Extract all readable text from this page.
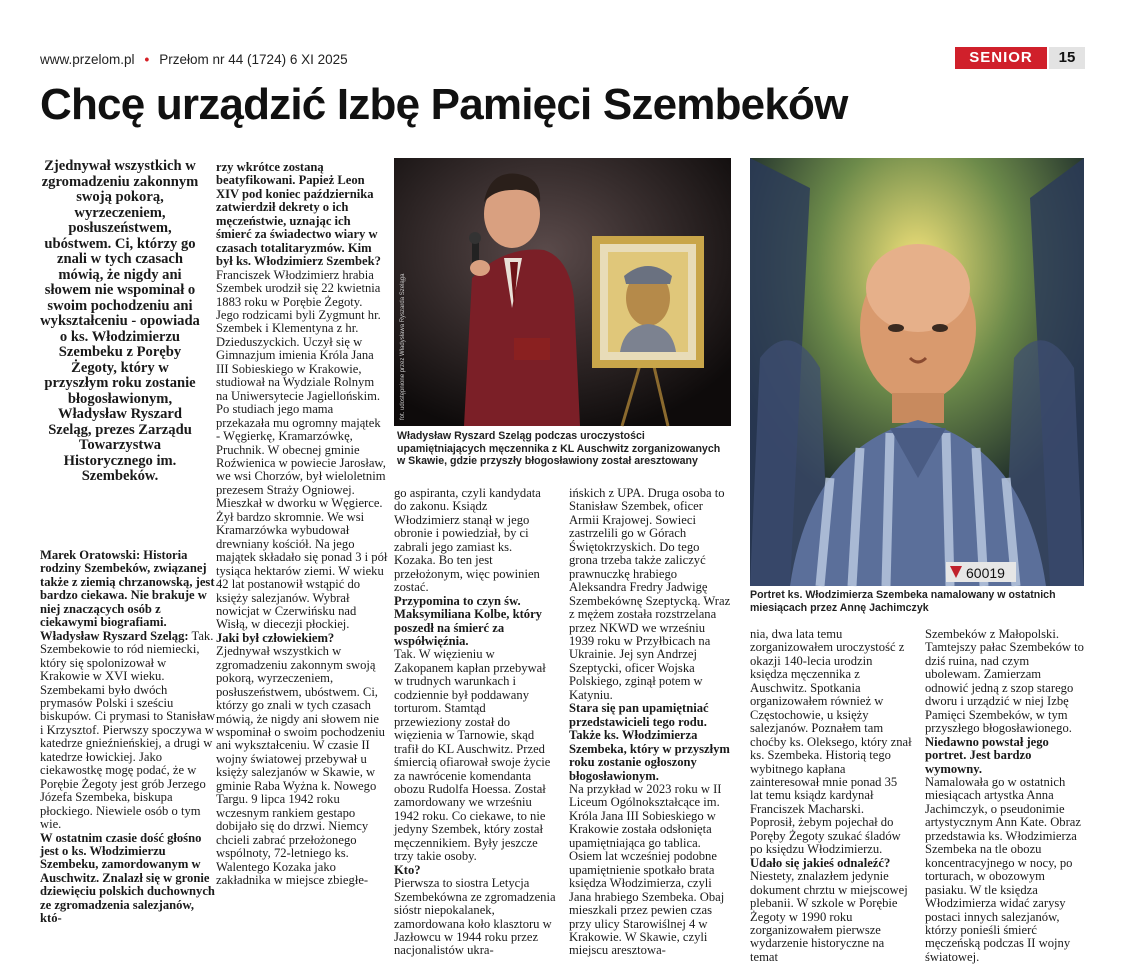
www.przelom.pl • Przełom nr 44 (1724) 6 XI 2025	SENIOR	15
Chcę urządzić Izbę Pamięci Szembeków
Zjednywał wszystkich w zgromadzeniu zakonnym swoją pokorą, wyrzeczeniem, posłuszeństwem, ubóstwem. Ci, którzy go znali w tych czasach mówią, że nigdy ani słowem nie wspominał o swoim pochodzeniu ani wykształceniu - opowiada o ks. Włodzimierzu Szembeku z Poręby Żegoty, który w przyszłym roku zostanie błogosławionym, Władysław Ryszard Szeląg, prezes Zarządu Towarzystwa Historycznego im. Szembeków.

Marek Oratowski: Historia rodziny Szembeków, związanej także z ziemią chrzanowską, jest bardzo ciekawa. Nie brakuje w niej znaczących osób z ciekawymi biografiami.

Władysław Ryszard Szeląg: Tak. Szembekowie to ród niemiecki, który się spolonizował w Krakowie w XVI wieku. Szembekami było dwóch prymasów Polski i sześciu biskupów. Ci prymasi to Stanisław i Krzysztof. Pierwszy spoczywa w katedrze gnieźnieńskiej, a drugi w katedrze łowickiej. Jako ciekawostkę mogę podać, że w Porębie Żegoty jest grób Jerzego Józefa Szembeka, biskupa płockiego. Niewiele osób o tym wie.

W ostatnim czasie dość głośno jest o ks. Włodzimierzu Szembeku, zamordowanym w Auschwitz. Znalazł się w gronie dziewięciu polskich duchownych ze zgromadzenia salezjanów, któ-

rzy wkrótce zostaną beatyfikowani. Papież Leon XIV pod koniec października zatwierdził dekrety o ich męczeństwie, uznając ich śmierć za świadectwo wiary w czasach totalitaryzmów. Kim był ks. Włodzimierz Szembek?

Franciszek Włodzimierz hrabia Szembek urodził się 22 kwietnia 1883 roku w Porębie Żegoty. Jego rodzicami byli Zygmunt hr. Szembek i Klementyna z hr. Dzieduszyckich. Uczył się w Gimnazjum imienia Króla Jana III Sobieskiego w Krakowie, studiował na Wydziale Rolnym na Uniwersytecie Jagiellońskim. Po studiach jego mama przekazała mu ogromny majątek - Węgierkę, Kramarzówkę, Pruchnik. W obecnej gminie Roźwienica w powiecie Jarosław, we wsi Chorzów, był wieloletnim prezesem Straży Ogniowej. Mieszkał w dworku w Węgierce. Żył bardzo skromnie. We wsi Kramarzówka wybudował drewniany kościół. Na jego majątek składało się ponad 3 i pół tysiąca hektarów ziemi. W wieku 42 lat postanowił wstąpić do księży salezjanów. Wybrał nowicjat w Czerwińsku nad Wisłą, w diecezji płockiej.

Jaki był człowiekiem?

Zjednywał wszystkich w zgromadzeniu zakonnym swoją pokorą, wyrzeczeniem, posłuszeństwem, ubóstwem. Ci, którzy go znali w tych czasach mówią, że nigdy ani słowem nie wspominał o swoim pochodzeniu ani wykształceniu. W czasie II wojny światowej przebywał u księży salezjanów w Skawie, w gminie Raba Wyżna k. Nowego Targu. 9 lipca 1942 roku wczesnym rankiem gestapo dobijało się do drzwi. Niemcy chcieli zabrać przełożonego wspólnoty, 72-letniego ks. Walentego Kozaka jako zakładnika w miejsce zbiegłe-

fot. udostępnione przez Władysława Ryszarda Szeląga
Władysław Ryszard Szeląg podczas uroczystości upamiętniających męczennika z KL Auschwitz zorganizowanych w Skawie, gdzie przyszły błogosławiony został aresztowany

go aspiranta, czyli kandydata do zakonu. Ksiądz Włodzimierz stanął w jego obronie i powiedział, by ci zabrali jego zamiast ks. Kozaka. Bo ten jest przełożonym, więc powinien zostać.

Przypomina to czyn św. Maksymiliana Kolbe, który poszedł na śmierć za współwięźnia.

Tak. W więzieniu w Zakopanem kapłan przebywał w trudnych warunkach i codziennie był poddawany torturom. Stamtąd przewieziony został do więzienia w Tarnowie, skąd trafił do KL Auschwitz. Przed śmiercią ofiarował swoje życie za nawrócenie komendanta obozu Rudolfa Hoessa. Został zamordowany we wrześniu 1942 roku. Co ciekawe, to nie jedyny Szembek, który został męczennikiem. Były jeszcze trzy takie osoby.

Kto?

Pierwsza to siostra Letycja Szembekówna ze zgromadzenia sióstr niepokalanek, zamordowana koło klasztoru w Jazłowcu w 1944 roku przez nacjonalistów ukra-

ińskich z UPA. Druga osoba to Stanisław Szembek, oficer Armii Krajowej. Sowieci zastrzelili go w Górach Świętokrzyskich. Do tego grona trzeba także zaliczyć prawnuczkę hrabiego Aleksandra Fredry Jadwigę Szembekównę Szeptycką. Wraz z mężem została rozstrzelana przez NKWD we wrześniu 1939 roku w Przyłbicach na Ukrainie. Jej syn Andrzej Szeptycki, oficer Wojska Polskiego, zginął potem w Katyniu.

Stara się pan upamiętniać przedstawicieli tego rodu. Także ks. Włodzimierza Szembeka, który w przyszłym roku zostanie ogłoszony błogosławionym.

Na przykład w 2023 roku w II Liceum Ogólnokształcące im. Króla Jana III Sobieskiego w Krakowie została odsłonięta upamiętniająca go tablica. Osiem lat wcześniej podobne upamiętnienie spotkało brata księdza Włodzimierza, czyli Jana hrabiego Szembeka. Obaj mieszkali przez pewien czas przy ulicy Starowiślnej 4 w Krakowie. W Skawie, czyli miejscu aresztowa-

60019
Portret ks. Włodzimierza Szembeka namalowany w ostatnich miesiącach przez Annę Jachimczyk

nia, dwa lata temu zorganizowałem uroczystość z okazji 140-lecia urodzin księdza męczennika z Auschwitz. Spotkania organizowałem również w Częstochowie, u księży salezjanów. Poznałem tam choćby ks. Oleksego, który znał ks. Szembeka. Historią tego wybitnego kapłana zainteresował mnie ponad 35 lat temu ksiądz kardynał Franciszek Macharski. Poprosił, żebym pojechał do Poręby Żegoty szukać śladów po księdzu Włodzimierzu.

Udało się jakieś odnaleźć?

Niestety, znalazłem jedynie dokument chrztu w miejscowej plebanii. W szkole w Porębie Żegoty w 1990 roku zorganizowałem pierwsze wydarzenie historyczne na temat

Szembeków z Małopolski. Tamtejszy pałac Szembeków to dziś ruina, nad czym ubolewam. Zamierzam odnowić jedną z szop starego dworu i urządzić w niej Izbę Pamięci Szembeków, w tym przyszłego błogosławionego.

Niedawno powstał jego portret. Jest bardzo wymowny.

Namalowała go w ostatnich miesiącach artystka Anna Jachimczyk, o pseudonimie artystycznym Ann Kate. Obraz przedstawia ks. Włodzimierza Szembeka na tle obozu koncentracyjnego w nocy, po torturach, w obozowym pasiaku. W tle księdza Włodzimierza widać zarysy postaci innych salezjanów, którzy ponieśli śmierć męczeńską podczas II wojny światowej.
